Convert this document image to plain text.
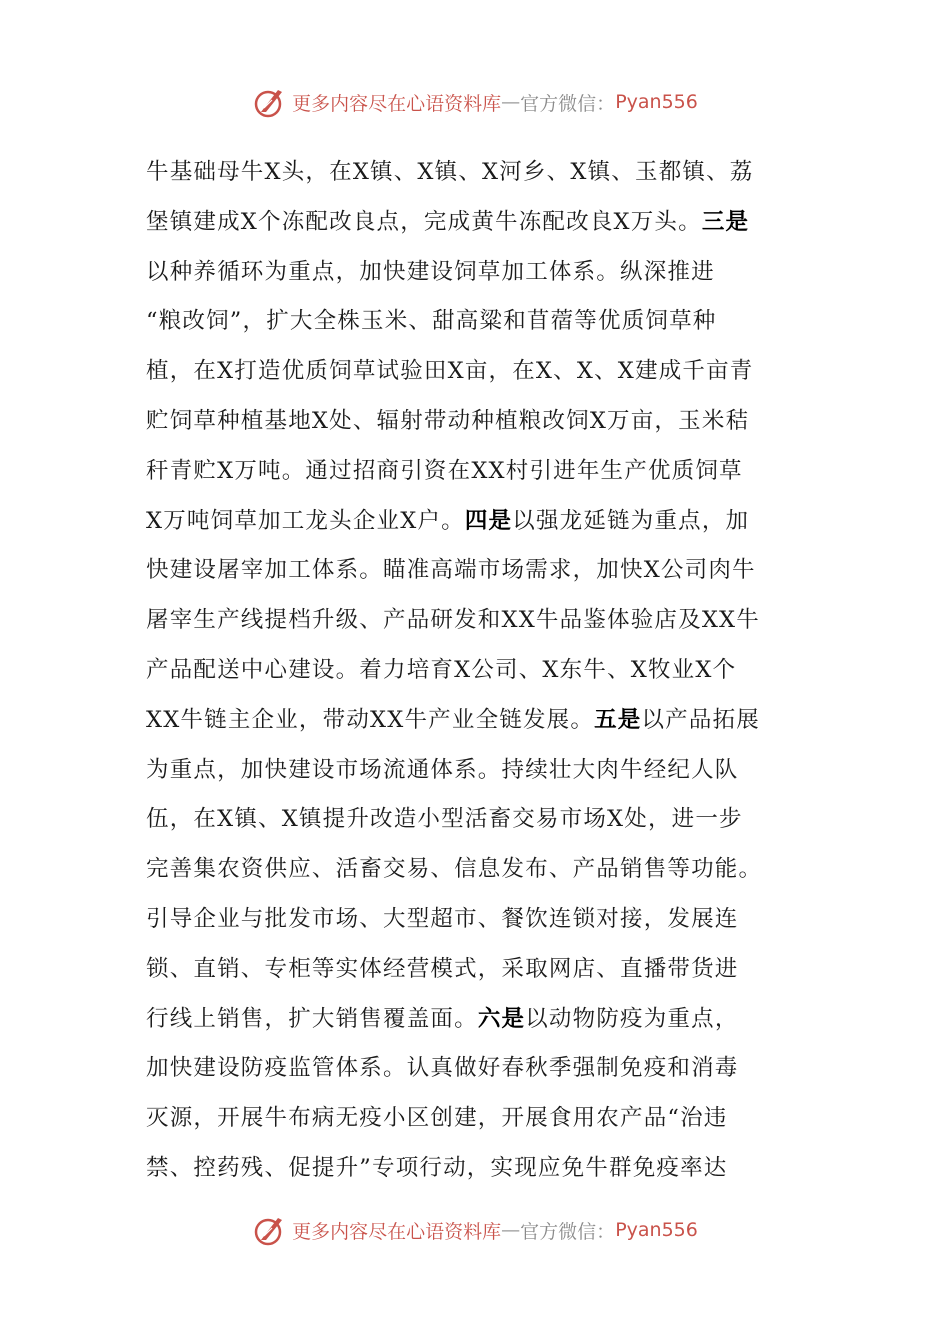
更多内容尽在心语资料库 — 官方微信： Pyan556
牛基础母牛X头，在X镇、X镇、X河乡、X镇、玉都镇、荔
堡镇建成X个冻配改良点，完成黄牛冻配改良X万头。三是
以种养循环为重点，加快建设饲草加工体系。纵深推进
“粮改饲”，扩大全株玉米、甜高粱和苜蓿等优质饲草种
植，在X打造优质饲草试验田X亩，在X、X、X建成千亩青
贮饲草种植基地X处、辐射带动种植粮改饲X万亩，玉米秸
秆青贮X万吨。通过招商引资在XX村引进年生产优质饲草
X万吨饲草加工龙头企业X户。四是以强龙延链为重点，加
快建设屠宰加工体系。瞄准高端市场需求，加快X公司肉牛
屠宰生产线提档升级、产品研发和XX牛品鉴体验店及XX牛
产品配送中心建设。着力培育X公司、X东牛、X牧业X个
XX牛链主企业，带动XX牛产业全链发展。五是以产品拓展
为重点，加快建设市场流通体系。持续壮大肉牛经纪人队
伍，在X镇、X镇提升改造小型活畜交易市场X处，进一步
完善集农资供应、活畜交易、信息发布、产品销售等功能。
引导企业与批发市场、大型超市、餐饮连锁对接，发展连
锁、直销、专柜等实体经营模式，采取网店、直播带货进
行线上销售，扩大销售覆盖面。六是以动物防疫为重点，
加快建设防疫监管体系。认真做好春秋季强制免疫和消毒
灭源，开展牛布病无疫小区创建，开展食用农产品“治违
禁、控药残、促提升”专项行动，实现应免牛群免疫率达
更多内容尽在心语资料库 — 官方微信： Pyan556
